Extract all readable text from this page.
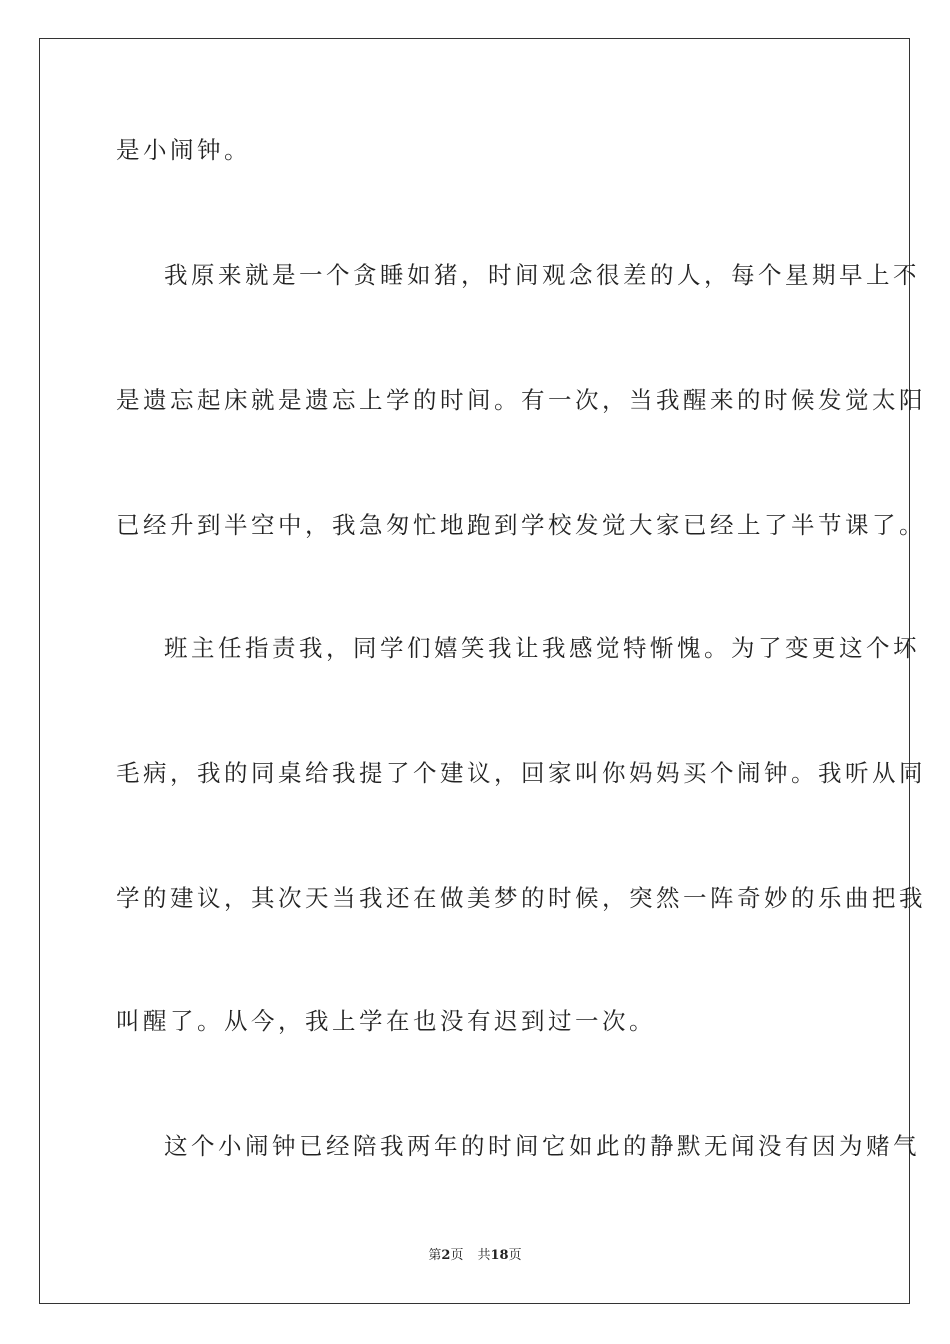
是小闹钟。
我原来就是一个贪睡如猪，时间观念很差的人，每个星期早上不
是遗忘起床就是遗忘上学的时间。有一次，当我醒来的时候发觉太阳
已经升到半空中，我急匆忙地跑到学校发觉大家已经上了半节课了。
班主任指责我，同学们嬉笑我让我感觉特惭愧。为了变更这个坏
毛病，我的同桌给我提了个建议，回家叫你妈妈买个闹钟。我听从同
学的建议，其次天当我还在做美梦的时候，突然一阵奇妙的乐曲把我
叫醒了。从今，我上学在也没有迟到过一次。
这个小闹钟已经陪我两年的时间它如此的静默无闻没有因为赌气
第2页 共18页
